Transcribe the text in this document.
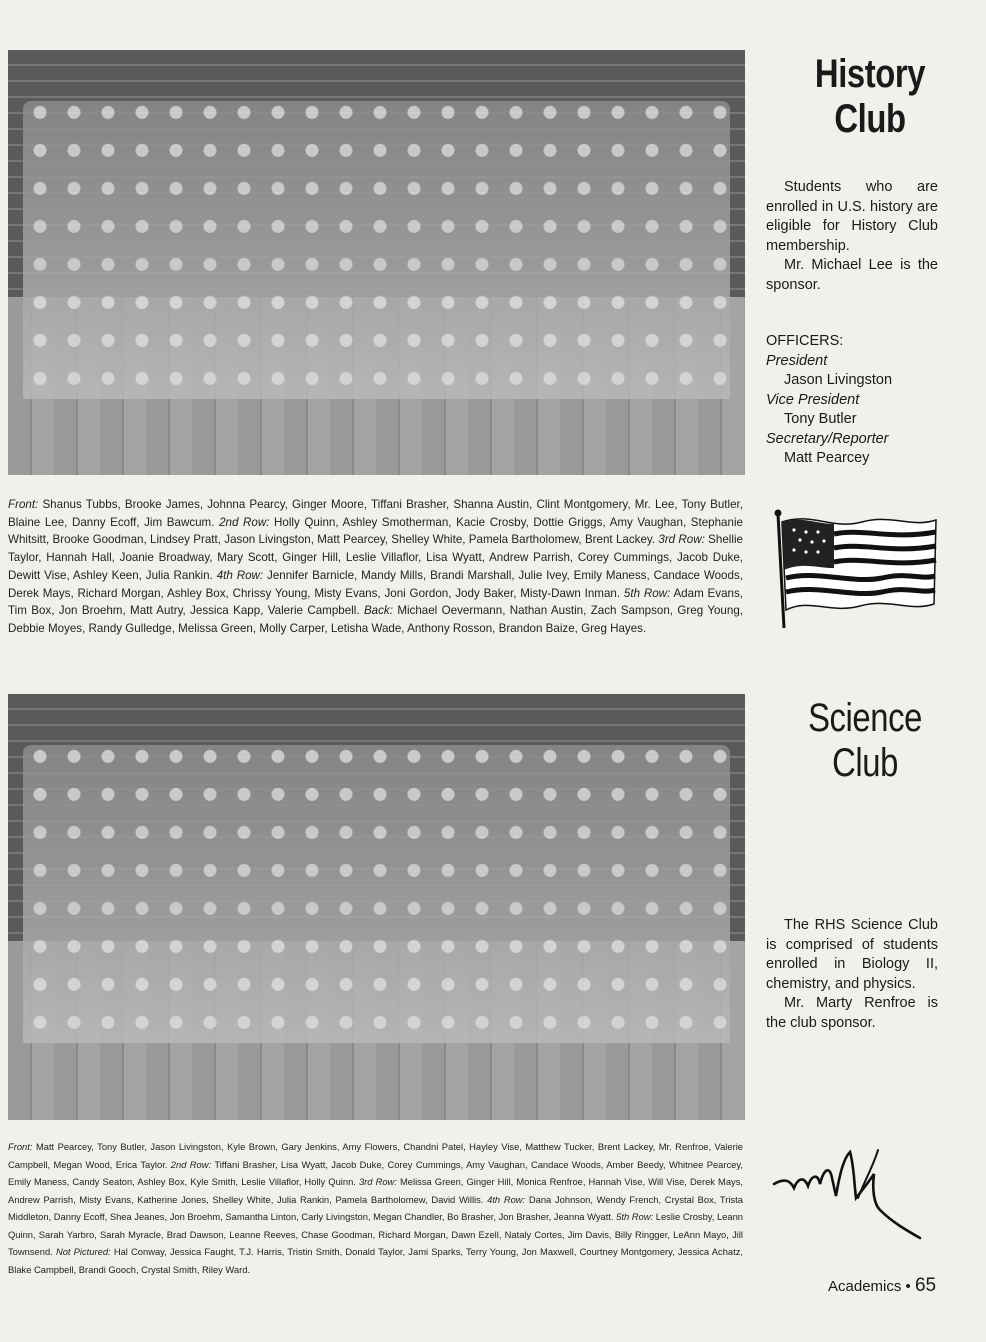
History
Club

Students who are enrolled in U.S. history are eligible for History Club membership.

Mr. Michael Lee is the sponsor.

OFFICERS:
President
Jason Livingston
Vice President
Tony Butler
Secretary/Reporter
Matt Pearcey

Front: Shanus Tubbs, Brooke James, Johnna Pearcy, Ginger Moore, Tiffani Brasher, Shanna Austin, Clint Montgomery, Mr. Lee, Tony Butler, Blaine Lee, Danny Ecoff, Jim Bawcum. 2nd Row: Holly Quinn, Ashley Smotherman, Kacie Crosby, Dottie Griggs, Amy Vaughan, Stephanie Whitsitt, Brooke Goodman, Lindsey Pratt, Jason Livingston, Matt Pearcey, Shelley White, Pamela Bartholomew, Brent Lackey. 3rd Row: Shellie Taylor, Hannah Hall, Joanie Broadway, Mary Scott, Ginger Hill, Leslie Villaflor, Lisa Wyatt, Andrew Parrish, Corey Cummings, Jacob Duke, Dewitt Vise, Ashley Keen, Julia Rankin. 4th Row: Jennifer Barnicle, Mandy Mills, Brandi Marshall, Julie Ivey, Emily Maness, Candace Woods, Derek Mays, Richard Morgan, Ashley Box, Chrissy Young, Misty Evans, Joni Gordon, Jody Baker, Misty-Dawn Inman. 5th Row: Adam Evans, Tim Box, Jon Broehm, Matt Autry, Jessica Kapp, Valerie Campbell. Back: Michael Oevermann, Nathan Austin, Zach Sampson, Greg Young, Debbie Moyes, Randy Gulledge, Melissa Green, Molly Carper, Letisha Wade, Anthony Rosson, Brandon Baize, Greg Hayes.

Science
Club

The RHS Science Club is comprised of students enrolled in Biology II, chemistry, and physics.

Mr. Marty Renfroe is the club sponsor.

Front: Matt Pearcey, Tony Butler, Jason Livingston, Kyle Brown, Gary Jenkins, Amy Flowers, Chandni Patel, Hayley Vise, Matthew Tucker, Brent Lackey, Mr. Renfroe, Valerie Campbell, Megan Wood, Erica Taylor. 2nd Row: Tiffani Brasher, Lisa Wyatt, Jacob Duke, Corey Cummings, Amy Vaughan, Candace Woods, Amber Beedy, Whitnee Pearcey, Emily Maness, Candy Seaton, Ashley Box, Kyle Smith, Leslie Villaflor, Holly Quinn. 3rd Row: Melissa Green, Ginger Hill, Monica Renfroe, Hannah Vise, Will Vise, Derek Mays, Andrew Parrish, Misty Evans, Katherine Jones, Shelley White, Julia Rankin, Pamela Bartholomew, David Willis. 4th Row: Dana Johnson, Wendy French, Crystal Box, Trista Middleton, Danny Ecoff, Shea Jeanes, Jon Broehm, Samantha Linton, Carly Livingston, Megan Chandler, Bo Brasher, Jon Brasher, Jeanna Wyatt. 5th Row: Leslie Crosby, Leann Quinn, Sarah Yarbro, Sarah Myracle, Brad Dawson, Leanne Reeves, Chase Goodman, Richard Morgan, Dawn Ezell, Nataly Cortes, Jim Davis, Billy Ringger, LeAnn Mayo, Jill Townsend. Not Pictured: Hal Conway, Jessica Faught, T.J. Harris, Tristin Smith, Donald Taylor, Jami Sparks, Terry Young, Jon Maxwell, Courtney Montgomery, Jessica Achatz, Blake Campbell, Brandi Gooch, Crystal Smith, Riley Ward.

Academics • 65
